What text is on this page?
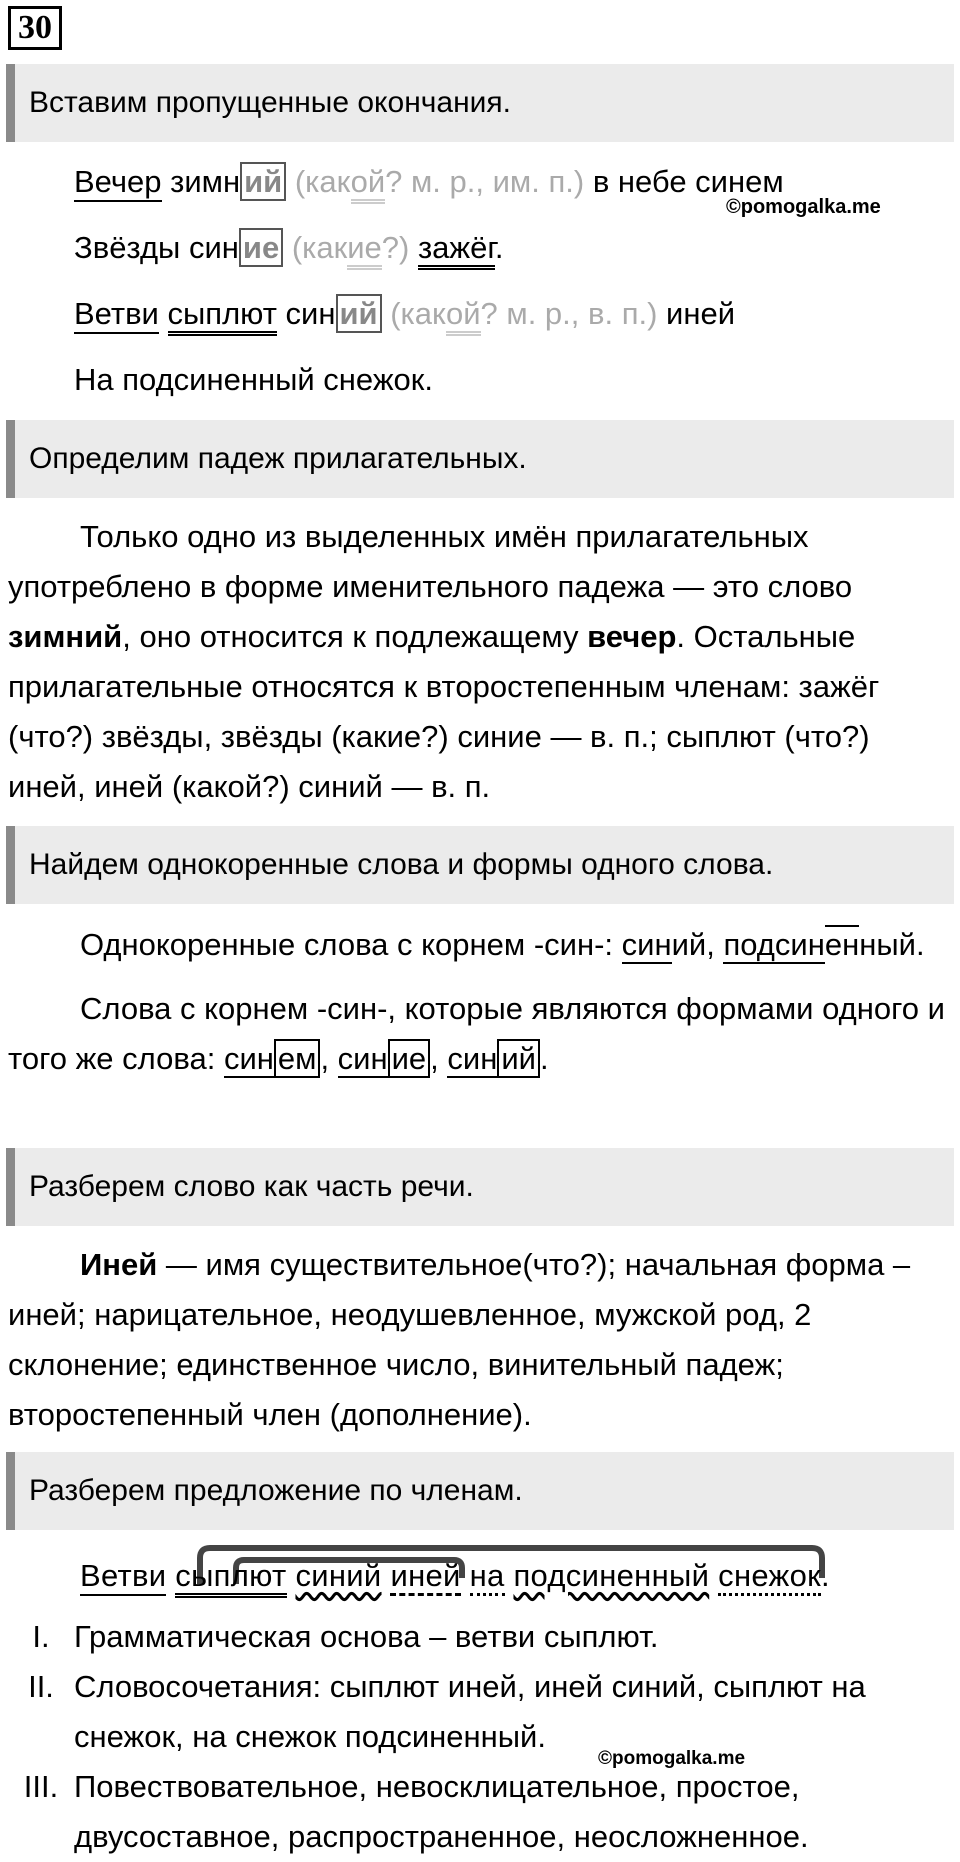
30
Вставим пропущенные окончания.
Вечер зимн ий (какой? м. р., им. п.) в небе синем
©pomogalka.me
Звёзды син ие (какие?) зажёг.
Ветви сыплют син ий (какой? м. р., в. п.) иней
На подсиненный снежок.
Определим падеж прилагательных.

Только одно из выделенных имён прилагательных употреблено в форме именительного падежа — это слово зимний, оно относится к подлежащему вечер. Остальные прилагательные относятся к второстепенным членам: зажёг (что?) звёзды, звёзды (какие?) синие — в. п.; сыплют (что?) иней, иней (какой?) синий — в. п.

Найдем однокоренные слова и формы одного слова.

Однокоренные слова с корнем -син-: синий, подсиненный.

Слова с корнем -син-, которые являются формами одного и того же слова: син ем , син ие , син ий .

Разберем слово как часть речи.

Иней — имя существительное(что?); начальная форма – иней; нарицательное, неодушевленное, мужской род, 2 склонение; единственное число, винительный падеж; второстепенный член (дополнение).

Разберем предложение по членам.
Ветви сыплют синий иней на подсиненный снежок.
I. Грамматическая основа – ветви сыплют.
II. Словосочетания: сыплют иней, иней синий, сыплют на снежок, на снежок подсиненный.
III. Повествовательное, невосклицательное, простое, двусоставное, распространенное, неосложненное.
©pomogalka.me
